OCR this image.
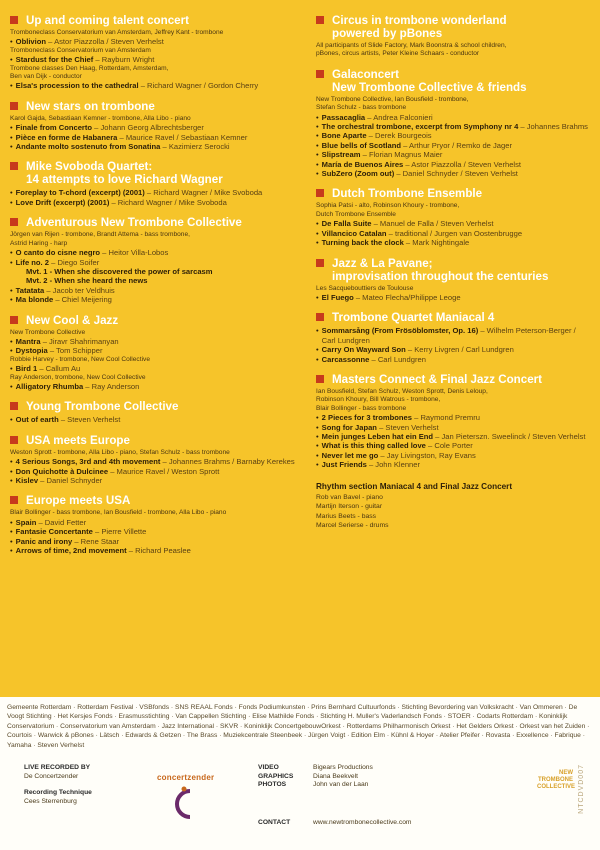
Up and coming talent concert
Tromboneclass Conservatorium van Amsterdam, Jeffrey Kant - trombone
• Oblivion – Astor Piazzolla / Steven Verhelst
Tromboneclass Conservatorium van Amsterdam
• Stardust for the Chief – Rayburn Wright
Trombone classes Den Haag, Rotterdam, Amsterdam,
Ben van Dijk - conductor
• Elsa's procession to the cathedral – Richard Wagner / Gordon Cherry
New stars on trombone
Karol Gajda, Sebastiaan Kemner - trombone, Alla Libo - piano
• Finale from Concerto – Johann Georg Albrechtsberger
• Pièce en forme de Habanera – Maurice Ravel / Sebastiaan Kemner
• Andante molto sostenuto from Sonatina – Kazimierz Serocki
Mike Svoboda Quartet:
14 attempts to love Richard Wagner
• Foreplay to T-chord (excerpt) (2001) – Richard Wagner / Mike Svoboda
• Love Drift (excerpt) (2001) – Richard Wagner / Mike Svoboda
Adventurous New Trombone Collective
Jörgen van Rijen - trombone, Brandt Attema - bass trombone,
Astrid Haring - harp
• O canto do cisne negro – Heitor Villa-Lobos
• Life no. 2 – Diego Soifer
Mvt. 1 - When she discovered the power of sarcasm
Mvt. 2 - When she heard the news
• Tatatata – Jacob ter Veldhuis
• Ma blonde – Chiel Meijering
New Cool & Jazz
New Trombone Collective
• Mantra – Jiravr Shahrimanyan
• Dystopia – Tom Schipper
Robbie Harvey - trombone, New Cool Collective
• Bird 1 – Callum Au
Ray Anderson, trombone, New Cool Collective
• Alligatory Rhumba – Ray Anderson
Young Trombone Collective
• Out of earth – Steven Verhelst
USA meets Europe
Weston Sprott - trombone, Alla Libo - piano, Stefan Schulz - bass trombone
• 4 Serious Songs, 3rd and 4th movement – Johannes Brahms / Barnaby Kerekes
• Don Quichotte à Dulcinee – Maurice Ravel / Weston Sprott
• Kislev – Daniel Schnyder
Europe meets USA
Blair Bollinger - bass trombone, Ian Bousfield - trombone, Alla Libo - piano
• Spain – David Fetter
• Fantasie Concertante – Pierre Villette
• Panic and irony – Rene Staar
• Arrows of time, 2nd movement – Richard Peaslee
Circus in trombone wonderland
powered by pBones
All participants of Slide Factory, Mark Boonstra & school children,
pBones, circus artists, Peter Kleine Schaars - conductor
Galaconcert
New Trombone Collective & friends
New Trombone Collective, Ian Bousfield - trombone,
Stefan Schulz - bass trombone
• Passacaglia – Andrea Falconieri
• The orchestral trombone, excerpt from Symphony nr 4 – Johannes Brahms
• Bone Aparte – Derek Bourgeois
• Blue bells of Scotland – Arthur Pryor / Remko de Jager
• Slipstream – Florian Magnus Maier
• María de Buenos Aires – Astor Piazzolla / Steven Verhelst
• SubZero (Zoom out) – Daniel Schnyder / Steven Verhelst
Dutch Trombone Ensemble
Sophia Patsi - alto, Robinson Khoury - trombone,
Dutch Trombone Ensemble
• De Falla Suite – Manuel de Falla / Steven Verhelst
• Villancico Catalan – traditional / Jurgen van Oostenbrugge
• Turning back the clock – Mark Nightingale
Jazz & La Pavane;
improvisation throughout the centuries
Les Sacquebouttiers de Toulouse
• El Fuego – Mateo Flecha/Philippe Leoge
Trombone Quartet Maniacal 4
• Sommarsång (From Frösöblomster, Op. 16) – Wilhelm Peterson-Berger / Carl Lundgren
• Carry On Wayward Son – Kerry Livgren / Carl Lundgren
• Carcassonne – Carl Lundgren
Masters Connect & Final Jazz Concert
Ian Bousfield, Stefan Schulz, Weston Sprott, Denis Leloup,
Robinson Khoury, Bill Watrous - trombone,
Blair Bollinger - bass trombone
• 2 Pieces for 3 trombones – Raymond Premru
• Song for Japan – Steven Verhelst
• Mein junges Leben hat ein End – Jan Pieterszn. Sweelinck / Steven Verhelst
• What is this thing called love – Cole Porter
• Never let me go – Jay Livingston, Ray Evans
• Just Friends – John Klenner
Rhythm section Maniacal 4 and Final Jazz Concert
Rob van Bavel - piano
Martijn Iterson - guitar
Marius Beets - bass
Marcel Serierse - drums
Gemeente Rotterdam · Rotterdam Festival · VSBfonds · SNS REAAL Fonds · Fonds Podiumkunsten · Prins Bernhard Cultuurfonds · Stichting Bevordering van Volkskracht · Van Ommeren · De Voogt Stichting · Het Kersjes Fonds · Erasmusstichting · Van Cappellen Stichting · Elise Mathilde Fonds · Stichting H. Muller's Vaderlandsch Fonds · STOER · Codarts Rotterdam · Koninklijk Conservatorium · Conservatorium van Amsterdam · Jazz International · SKVR · Koninklijk ConcertgebouwOrkest · Rotterdams Philharmonisch Orkest · Het Gelders Orkest · Orkest van het Zuiden · Courtois · Warwick & pBones · Lätsch · Edwards & Getzen · The Brass · Muziekcentrale Steenbeek · Jürgen Voigt · Edition Elm · Kühnl & Hoyer · Atelier Pfeifer · Rovasta · Exxellence · Fabrique · Yamaha · Steven Verhelst
LIVE RECORDED BY
De Concertzender
Recording Technique
Cees Sterrenburg
concertzender
VIDEO	Bigears Productions
GRAPHICS	Diana Beekvelt
PHOTOS	John van der Laan
CONTACT	www.newtrombonecollective.com
NEW
TROMBONE
COLLECTIVE NTCDVD007
